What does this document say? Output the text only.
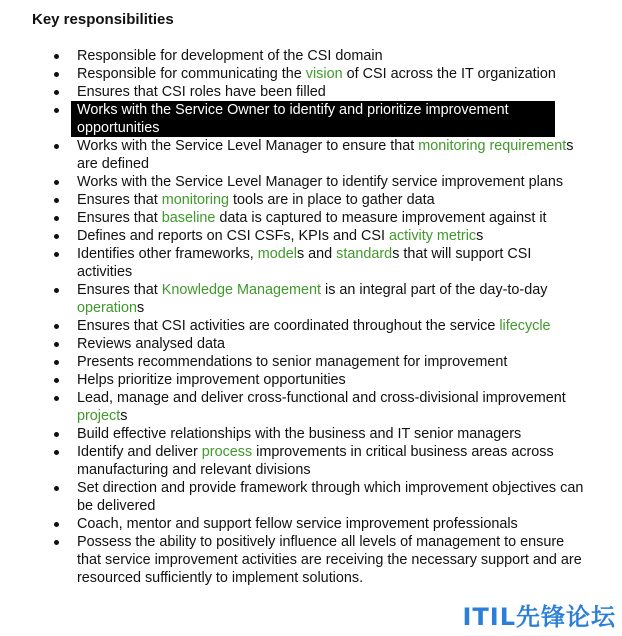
Key responsibilities
Responsible for development of the CSI domain
Responsible for communicating the vision of CSI across the IT organization
Ensures that CSI roles have been filled
Works with the Service Owner to identify and prioritize improvement opportunities
Works with the Service Level Manager to ensure that monitoring requirements are defined
Works with the Service Level Manager to identify service improvement plans
Ensures that monitoring tools are in place to gather data
Ensures that baseline data is captured to measure improvement against it
Defines and reports on CSI CSFs, KPIs and CSI activity metrics
Identifies other frameworks, models and standards that will support CSI activities
Ensures that Knowledge Management is an integral part of the day-to-day operations
Ensures that CSI activities are coordinated throughout the service lifecycle
Reviews analysed data
Presents recommendations to senior management for improvement
Helps prioritize improvement opportunities
Lead, manage and deliver cross-functional and cross-divisional improvement projects
Build effective relationships with the business and IT senior managers
Identify and deliver process improvements in critical business areas across manufacturing and relevant divisions
Set direction and provide framework through which improvement objectives can be delivered
Coach, mentor and support fellow service improvement professionals
Possess the ability to positively influence all levels of management to ensure that service improvement activities are receiving the necessary support and are resourced sufficiently to implement solutions.
ITIL先锋论坛
